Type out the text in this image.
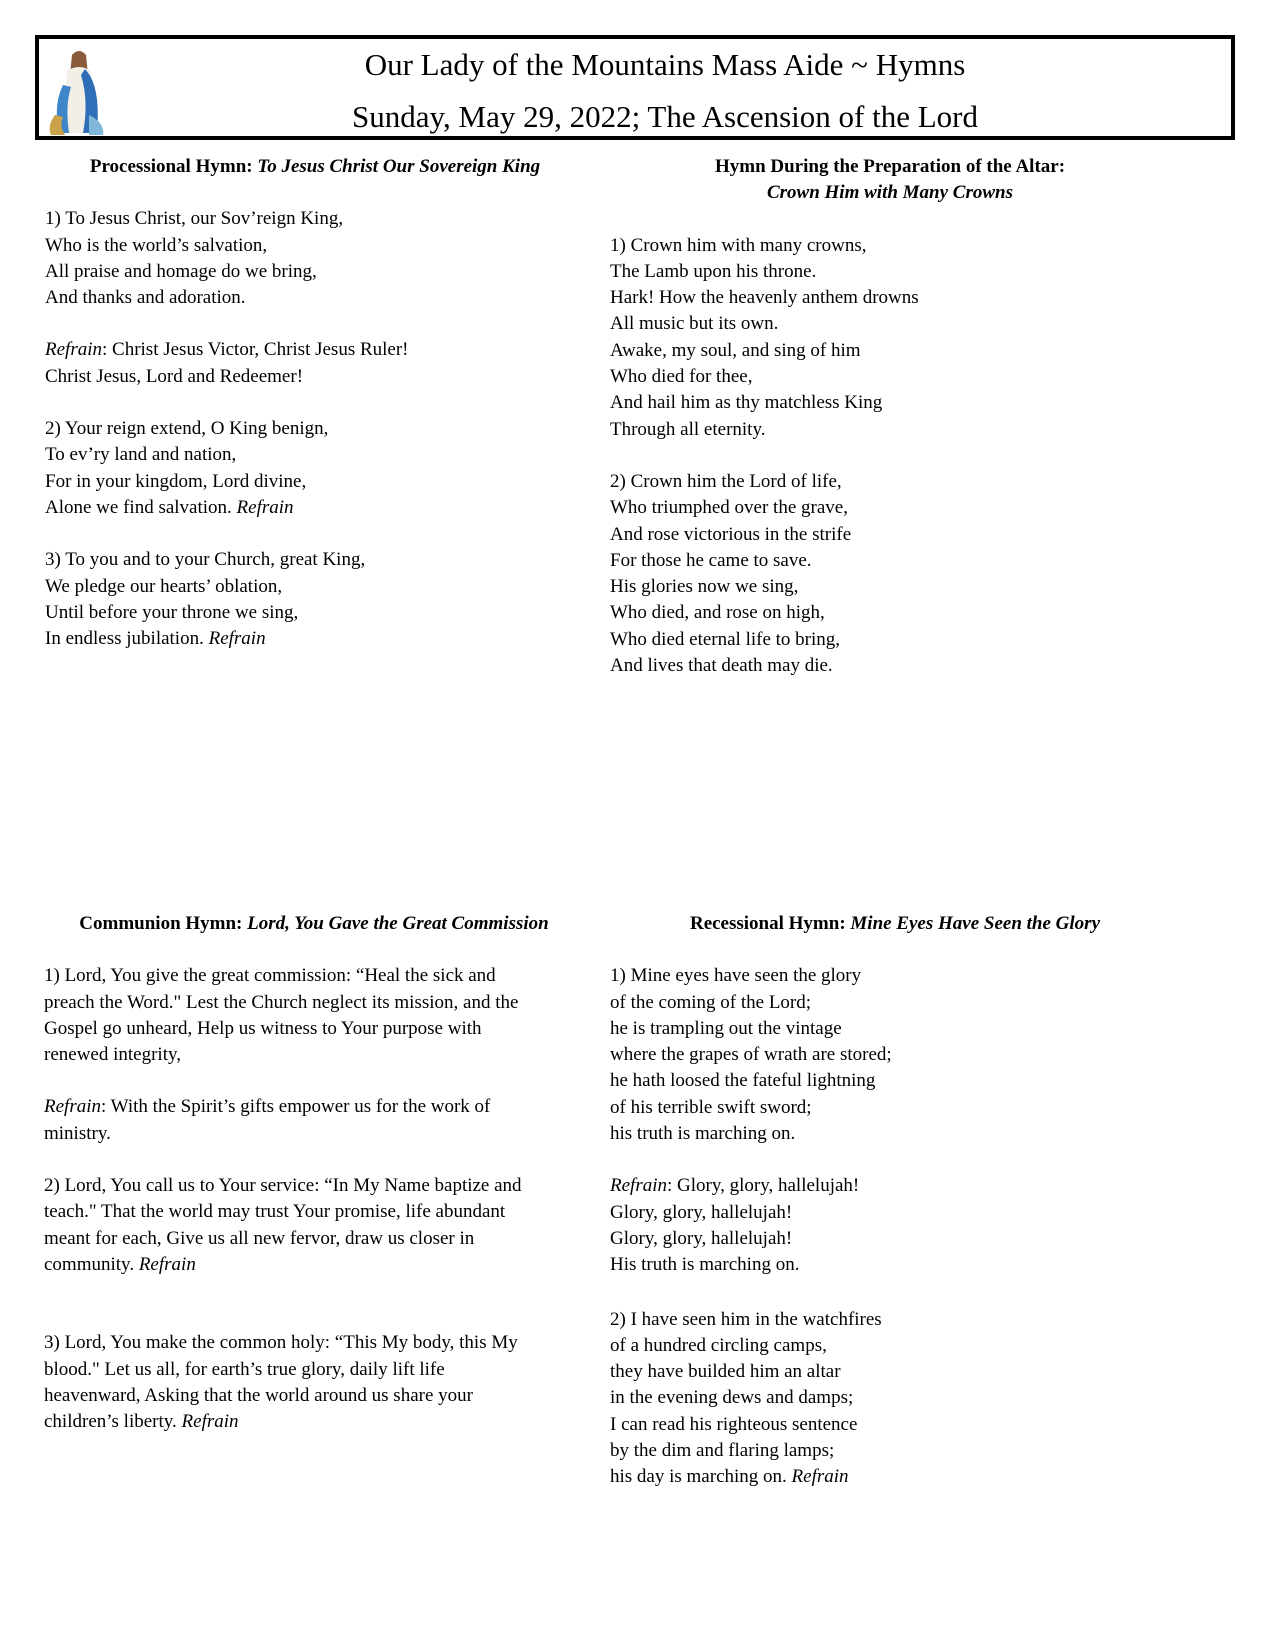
Our Lady of the Mountains Mass Aide ~ Hymns
Sunday, May 29, 2022; The Ascension of the Lord
Processional Hymn: To Jesus Christ Our Sovereign King
1) To Jesus Christ, our Sov’reign King,
Who is the world’s salvation,
All praise and homage do we bring,
And thanks and adoration.
Refrain: Christ Jesus Victor, Christ Jesus Ruler!
Christ Jesus, Lord and Redeemer!
2) Your reign extend, O King benign,
To ev’ry land and nation,
For in your kingdom, Lord divine,
Alone we find salvation. Refrain
3) To you and to your Church, great King,
We pledge our hearts’ oblation,
Until before your throne we sing,
In endless jubilation. Refrain
Hymn During the Preparation of the Altar:
Crown Him with Many Crowns
1) Crown him with many crowns,
The Lamb upon his throne.
Hark! How the heavenly anthem drowns
All music but its own.
Awake, my soul, and sing of him
Who died for thee,
And hail him as thy matchless King
Through all eternity.
2) Crown him the Lord of life,
Who triumphed over the grave,
And rose victorious in the strife
For those he came to save.
His glories now we sing,
Who died, and rose on high,
Who died eternal life to bring,
And lives that death may die.
Communion Hymn: Lord, You Gave the Great Commission
1) Lord, You give the great commission: “Heal the sick and
preach the Word." Lest the Church neglect its mission, and the
Gospel go unheard, Help us witness to Your purpose with
renewed integrity,
Refrain: With the Spirit’s gifts empower us for the work of
ministry.
2) Lord, You call us to Your service: “In My Name baptize and
teach." That the world may trust Your promise, life abundant
meant for each, Give us all new fervor, draw us closer in
community. Refrain
3) Lord, You make the common holy: “This My body, this My
blood." Let us all, for earth’s true glory, daily lift life
heavenward, Asking that the world around us share your
children’s liberty. Refrain
Recessional Hymn: Mine Eyes Have Seen the Glory
1) Mine eyes have seen the glory
of the coming of the Lord;
he is trampling out the vintage
where the grapes of wrath are stored;
he hath loosed the fateful lightning
of his terrible swift sword;
his truth is marching on.
Refrain: Glory, glory, hallelujah!
Glory, glory, hallelujah!
Glory, glory, hallelujah!
His truth is marching on.
2) I have seen him in the watchfires
of a hundred circling camps,
they have builded him an altar
in the evening dews and damps;
I can read his righteous sentence
by the dim and flaring lamps;
his day is marching on. Refrain
